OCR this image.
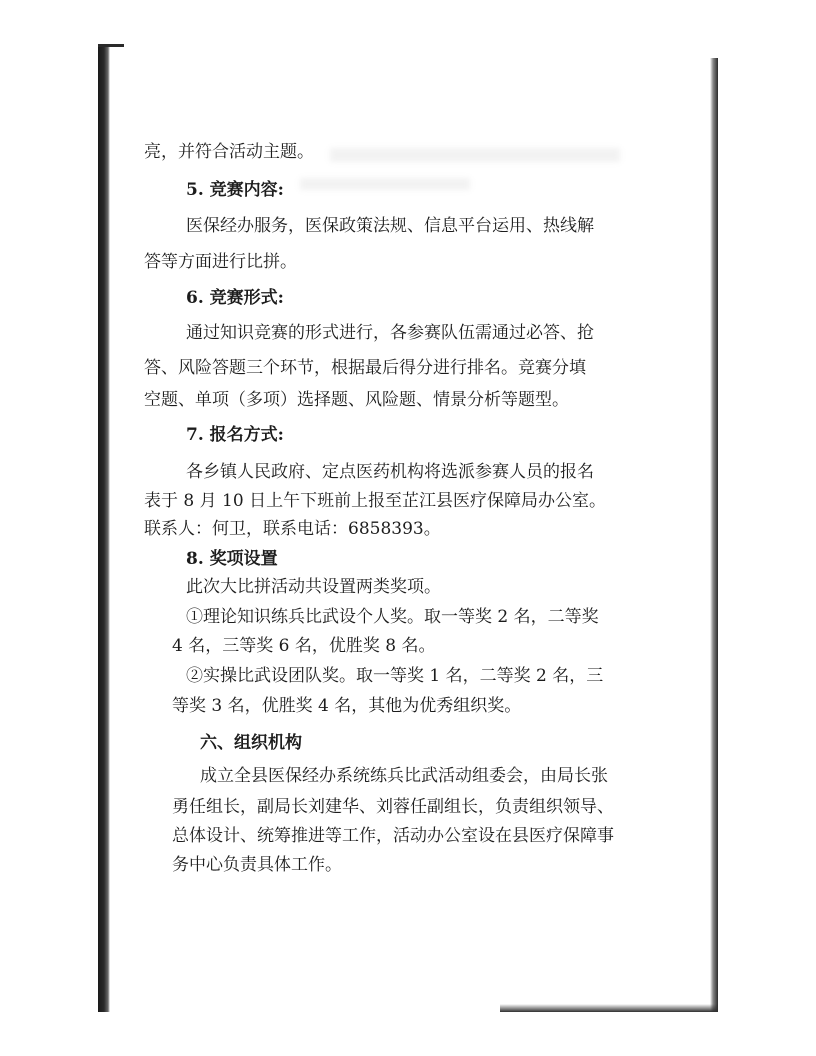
亮，并符合活动主题。
5. 竞赛内容:
医保经办服务，医保政策法规、信息平台运用、热线解
答等方面进行比拼。
6. 竞赛形式:
通过知识竞赛的形式进行，各参赛队伍需通过必答、抢
答、风险答题三个环节，根据最后得分进行排名。竞赛分填
空题、单项（多项）选择题、风险题、情景分析等题型。
7. 报名方式:
各乡镇人民政府、定点医药机构将选派参赛人员的报名
表于 8 月 10 日上午下班前上报至芷江县医疗保障局办公室。
联系人：何卫，联系电话：6858393。
8. 奖项设置
此次大比拼活动共设置两类奖项。
①理论知识练兵比武设个人奖。取一等奖 2 名，二等奖
4 名，三等奖 6 名，优胜奖 8 名。
②实操比武设团队奖。取一等奖 1 名，二等奖 2 名，三
等奖 3 名，优胜奖 4 名，其他为优秀组织奖。
六、组织机构
成立全县医保经办系统练兵比武活动组委会，由局长张
勇任组长，副局长刘建华、刘蓉任副组长，负责组织领导、
总体设计、统筹推进等工作，活动办公室设在县医疗保障事
务中心负责具体工作。
